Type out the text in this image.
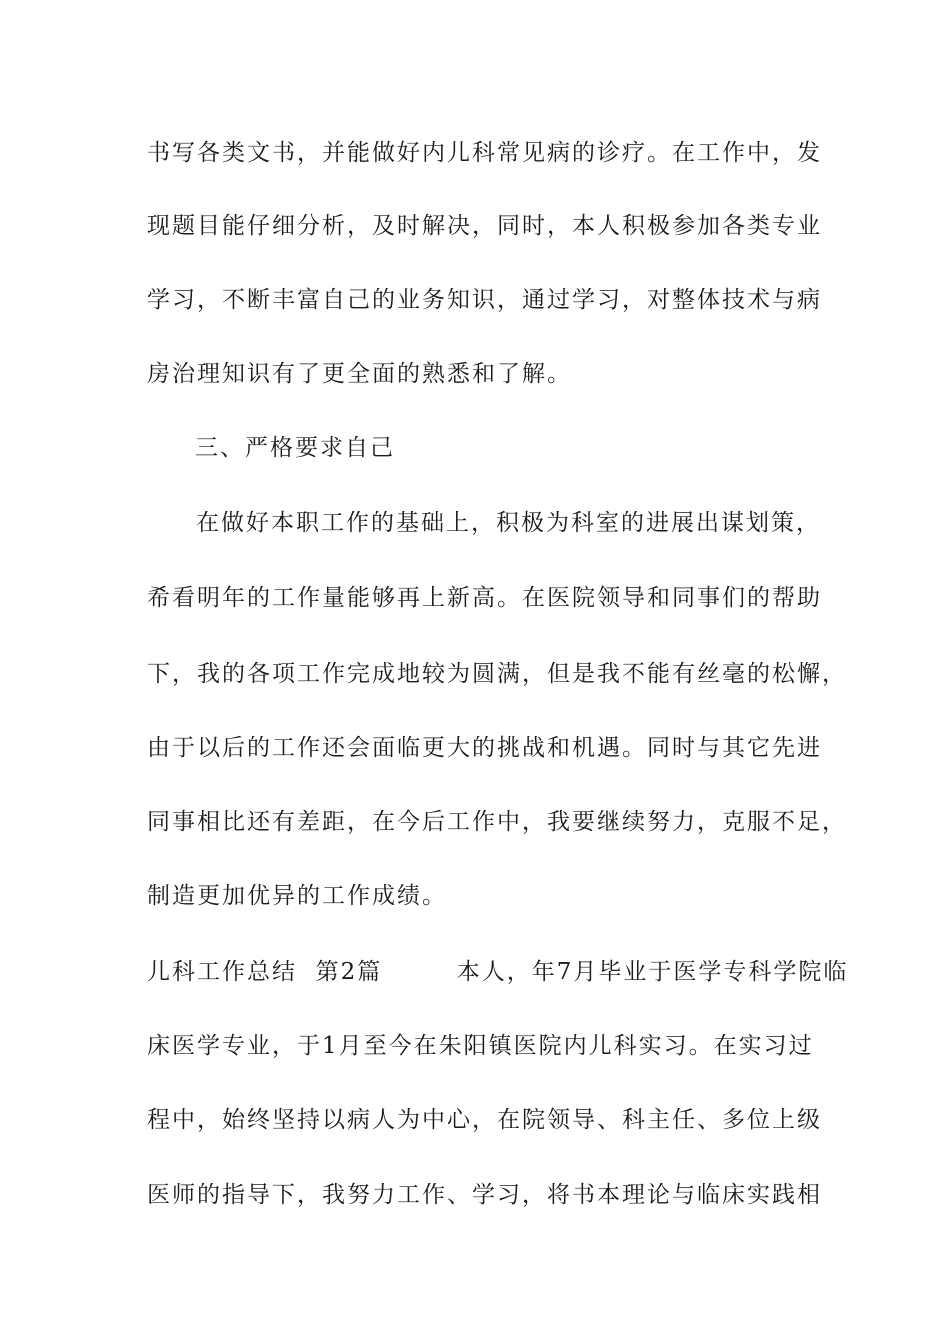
书写各类文书，并能做好内儿科常见病的诊疗。在工作中，发
现题目能仔细分析，及时解决，同时，本人积极参加各类专业
学习，不断丰富自己的业务知识，通过学习，对整体技术与病
房治理知识有了更全面的熟悉和了解。
三、严格要求自己
在做好本职工作的基础上，积极为科室的进展出谋划策，
希看明年的工作量能够再上新高。在医院领导和同事们的帮助
下，我的各项工作完成地较为圆满，但是我不能有丝毫的松懈，
由于以后的工作还会面临更大的挑战和机遇。同时与其它先进
同事相比还有差距，在今后工作中，我要继续努力，克服不足，
制造更加优异的工作成绩。
儿科工作总结  第2篇        本人，年7月毕业于医学专科学院临
床医学专业，于1月至今在朱阳镇医院内儿科实习。在实习过
程中，始终坚持以病人为中心，在院领导、科主任、多位上级
医师的指导下，我努力工作、学习，将书本理论与临床实践相
